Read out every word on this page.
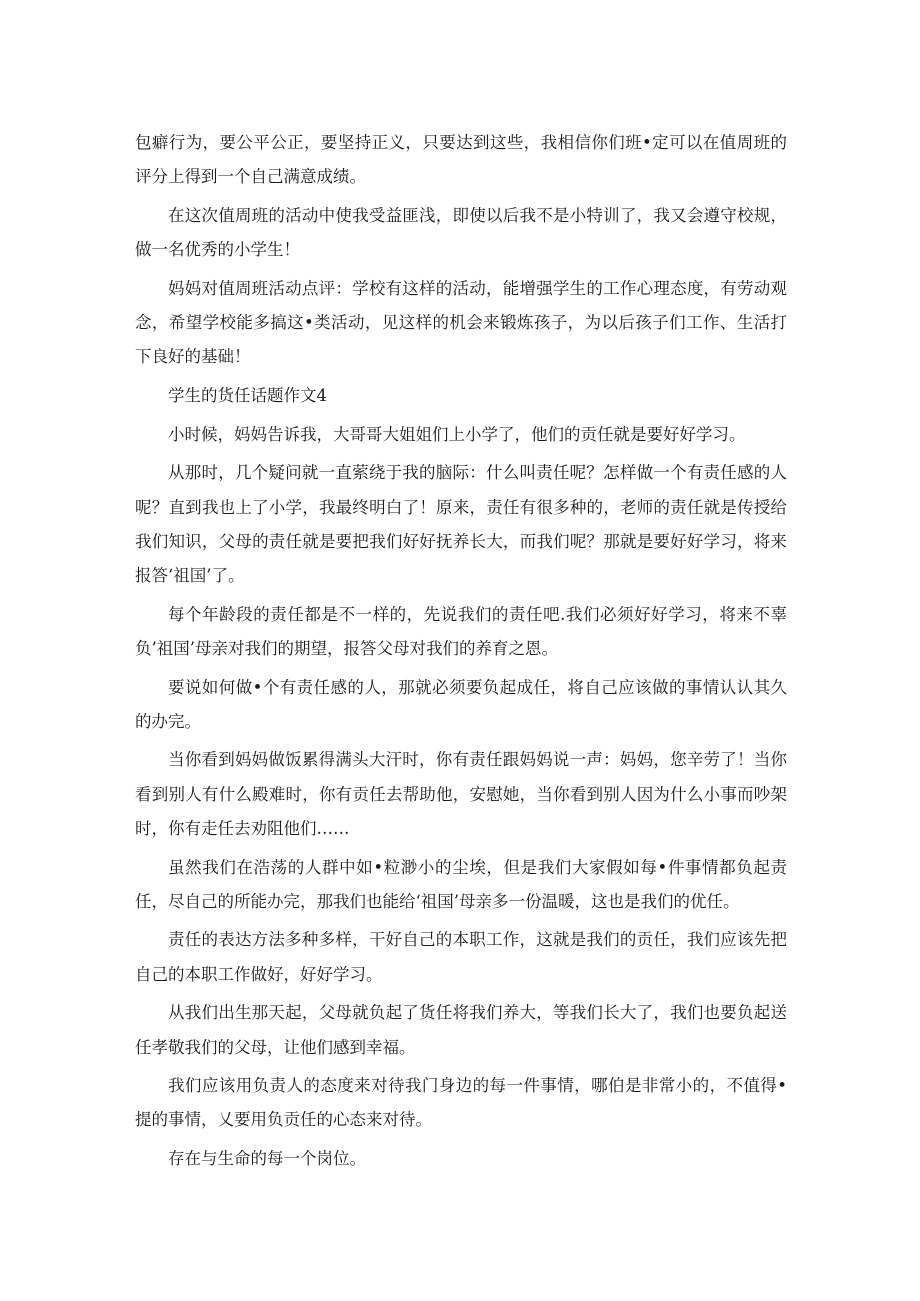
包癖行为，要公平公正，要坚持正义，只要达到这些，我相信你们班•定可以在值周班的评分上得到一个自己满意成绩。

在这次值周班的活动中使我受益匪浅，即使以后我不是小特训了，我又会遵守校规，做一名优秀的小学生！

妈妈对值周班活动点评：学校有这样的活动，能增强学生的工作心理态度，有劳动观念，希望学校能多搞这•类活动，见这样的机会来锻炼孩子，为以后孩子们工作、生活打下良好的基础！

学生的货任话题作文4

小时候，妈妈告诉我，大哥哥大姐姐们上小学了，他们的贡任就是要好好学习。

从那时，几个疑问就一直萦绕于我的脑际：什么叫责任呢？怎样做一个有责任感的人呢？直到我也上了小学，我最终明白了！原来，责任有很多种的，老师的责任就是传授给我们知识，父母的责任就是要把我们好好抚养长大，而我们呢？那就是要好好学习，将来报答‘祖国’了。

每个年龄段的责任都是不一样的，先说我们的责任吧.我们必须好好学习，将来不辜负’祖国’母亲对我们的期望，报答父母对我们的养育之恩。

要说如何做•个有责任感的人，那就必须要负起成任，将自己应该做的事情认认其久的办完。

当你看到妈妈做饭累得满头大汗时，你有责任跟妈妈说一声：妈妈，您辛劳了！当你看到别人有什么殿难时，你有贡任去帮助他，安慰她，当你看到别人因为什么小事而吵架时，你有走任去劝阻他们……

虽然我们在浩荡的人群中如•粒渺小的尘埃，但是我们大家假如每•件事情都负起责任，尽自己的所能办完，那我们也能给‘祖国’母亲多一份温暖，这也是我们的优任。

责任的表达方法多种多样，干好自己的本职工作，这就是我们的贡任，我们应该先把自己的本职工作做好，好好学习。

从我们出生那天起，父母就负起了货任将我们养大，等我们长大了，我们也要负起送任孝敬我们的父母，让他们感到幸福。

我们应该用负责人的态度来对待我门身边的每一件事情，哪伯是非常小的，不值得•提的事情，乂要用负贡任的心态来对待。

存在与生命的每一个岗位。
